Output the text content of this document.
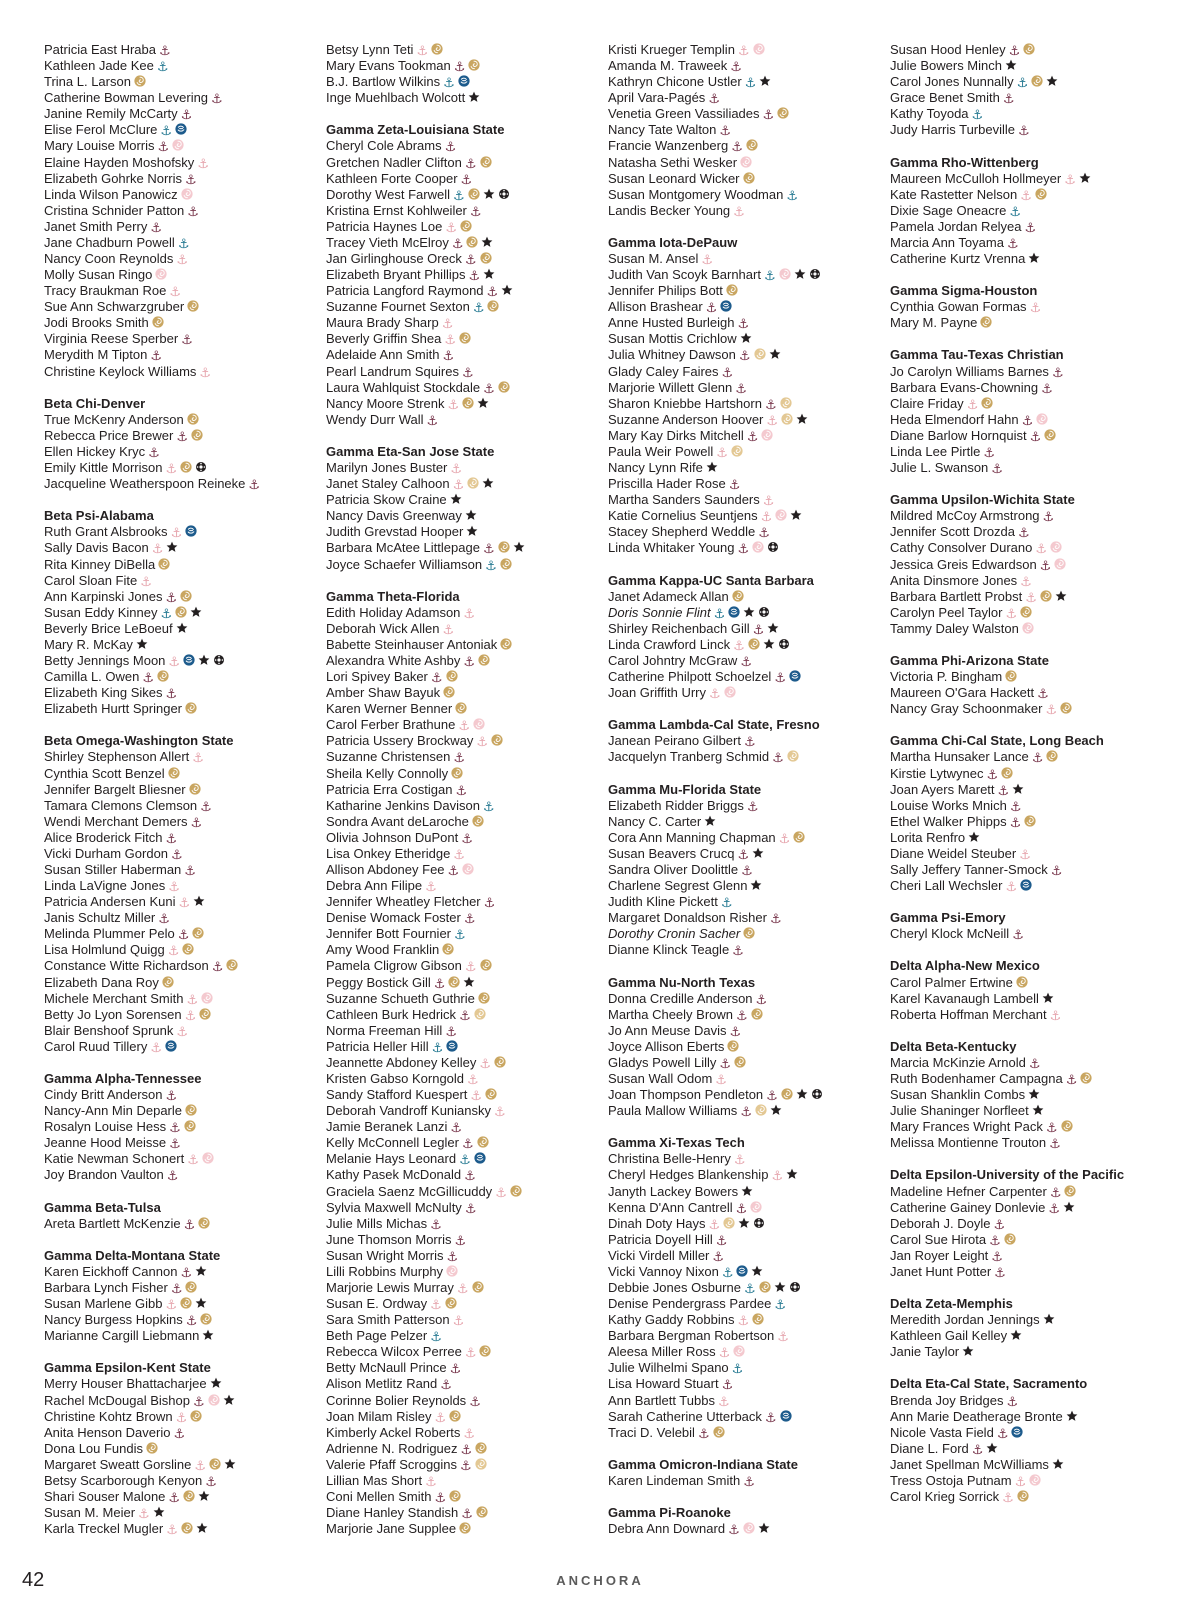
Patricia East Hraba ⚓
Kathleen Jade Kee ⚓
Trina L. Larson
Catherine Bowman Levering ⚓
Janine Remily McCarty ⚓
Elise Ferol McClure ⚓
Mary Louise Morris ⚓
Elaine Hayden Moshofsky ⚓
Elizabeth Gohrke Norris ⚓
Linda Wilson Panowicz
Cristina Schnider Patton ⚓
Janet Smith Perry ⚓
Jane Chadburn Powell ⚓
Nancy Coon Reynolds ⚓
Molly Susan Ringo
Tracy Braukman Roe ⚓
Sue Ann Schwarzgruber
Jodi Brooks Smith
Virginia Reese Sperber ⚓
Merydith M Tipton ⚓
Christine Keylock Williams ⚓
Beta Chi-Denver
True McKenry Anderson
Rebecca Price Brewer ⚓
Ellen Hickey Kryc ⚓
Emily Kittle Morrison ⚓
Jacqueline Weatherspoon Reineke ⚓
Beta Psi-Alabama
Ruth Grant Alsbrooks ⚓
Sally Davis Bacon ⚓
Rita Kinney DiBella
Carol Sloan Fite ⚓
Ann Karpinski Jones ⚓
Susan Eddy Kinney ⚓
Beverly Brice LeBoeuf
Mary R. McKay
Betty Jennings Moon ⚓
Camilla L. Owen ⚓
Elizabeth King Sikes ⚓
Elizabeth Hurtt Springer
Beta Omega-Washington State
Shirley Stephenson Allert ⚓
Cynthia Scott Benzel
Jennifer Bargelt Bliesner
Tamara Clemons Clemson ⚓
Wendi Merchant Demers ⚓
Alice Broderick Fitch ⚓
Vicki Durham Gordon ⚓
Susan Stiller Haberman ⚓
Linda LaVigne Jones ⚓
Patricia Andersen Kuni ⚓
Janis Schultz Miller ⚓
Melinda Plummer Pelo ⚓
Lisa Holmlund Quigg ⚓
Constance Witte Richardson ⚓
Elizabeth Dana Roy
Michele Merchant Smith ⚓
Betty Jo Lyon Sorensen ⚓
Blair Benshoof Sprunk ⚓
Carol Ruud Tillery ⚓
Gamma Alpha-Tennessee
Cindy Britt Anderson ⚓
Nancy-Ann Min Deparle
Rosalyn Louise Hess ⚓
Jeanne Hood Meisse ⚓
Katie Newman Schonert ⚓
Joy Brandon Vaulton ⚓
Gamma Beta-Tulsa
Areta Bartlett McKenzie ⚓
Gamma Delta-Montana State
Karen Eickhoff Cannon ⚓
Barbara Lynch Fisher ⚓
Susan Marlene Gibb ⚓
Nancy Burgess Hopkins ⚓
Marianne Cargill Liebmann
Gamma Epsilon-Kent State
Merry Houser Bhattacharjee
Rachel McDougal Bishop ⚓
Christine Kohtz Brown ⚓
Anita Henson Daverio ⚓
Dona Lou Fundis
Margaret Sweatt Gorsline ⚓
Betsy Scarborough Kenyon ⚓
Shari Souser Malone ⚓
Susan M. Meier ⚓
Karla Treckel Mugler ⚓
Betsy Lynn Teti ⚓
Mary Evans Tookman ⚓
B.J. Bartlow Wilkins ⚓
Inge Muehlbach Wolcott
Gamma Zeta-Louisiana State
Cheryl Cole Abrams ⚓
Gretchen Nadler Clifton ⚓
Kathleen Forte Cooper ⚓
Dorothy West Farwell ⚓
Kristina Ernst Kohlweiler ⚓
Patricia Haynes Loe ⚓
Tracey Vieth McElroy ⚓
Jan Girlinghouse Oreck ⚓
Elizabeth Bryant Phillips ⚓
Patricia Langford Raymond ⚓
Suzanne Fournet Sexton ⚓
Maura Brady Sharp ⚓
Beverly Griffin Shea ⚓
Adelaide Ann Smith ⚓
Pearl Landrum Squires ⚓
Laura Wahlquist Stockdale ⚓
Nancy Moore Strenk ⚓
Wendy Durr Wall ⚓
Gamma Eta-San Jose State
Marilyn Jones Buster ⚓
Janet Staley Calhoon ⚓
Patricia Skow Craine
Nancy Davis Greenway
Judith Grevstad Hooper
Barbara McAtee Littlepage ⚓
Joyce Schaefer Williamson ⚓
Gamma Theta-Florida
Edith Holiday Adamson ⚓
Deborah Wick Allen ⚓
Babette Steinhauser Antoniak
Alexandra White Ashby ⚓
Lori Spivey Baker ⚓
Amber Shaw Bayuk
Karen Werner Benner
Carol Ferber Brathune ⚓
Patricia Ussery Brockway ⚓
Suzanne Christensen ⚓
Sheila Kelly Connolly
Patricia Erra Costigan ⚓
Katharine Jenkins Davison ⚓
Sondra Avant deLaroche
Olivia Johnson DuPont ⚓
Lisa Onkey Etheridge ⚓
Allison Abdoney Fee ⚓
Debra Ann Filipe ⚓
Jennifer Wheatley Fletcher ⚓
Denise Womack Foster ⚓
Jennifer Bott Fournier ⚓
Amy Wood Franklin
Pamela Cligrow Gibson ⚓
Peggy Bostick Gill ⚓
Suzanne Schueth Guthrie
Cathleen Burk Hedrick ⚓
Norma Freeman Hill ⚓
Patricia Heller Hill ⚓
Jeannette Abdoney Kelley ⚓
Kristen Gabso Korngold ⚓
Sandy Stafford Kuespert ⚓
Deborah Vandroff Kuniansky ⚓
Jamie Beranek Lanzi ⚓
Kelly McConnell Legler ⚓
Melanie Hays Leonard ⚓
Kathy Pasek McDonald ⚓
Graciela Saenz McGillicuddy ⚓
Sylvia Maxwell McNulty ⚓
Julie Mills Michas ⚓
June Thomson Morris ⚓
Susan Wright Morris ⚓
Lilli Robbins Murphy
Marjorie Lewis Murray ⚓
Susan E. Ordway ⚓
Sara Smith Patterson ⚓
Beth Page Pelzer ⚓
Rebecca Wilcox Perree ⚓
Betty McNaull Prince ⚓
Alison Metlitz Rand ⚓
Corinne Bolier Reynolds ⚓
Joan Milam Risley ⚓
Kimberly Ackel Roberts ⚓
Adrienne N. Rodriguez ⚓
Valerie Pfaff Scroggins ⚓
Lillian Mas Short ⚓
Coni Mellen Smith ⚓
Diane Hanley Standish ⚓
Marjorie Jane Supplee
Kristi Krueger Templin ⚓
Amanda M. Traweek ⚓
Kathryn Chicone Ustler ⚓
April Vara-Pagés ⚓
Venetia Green Vassiliades ⚓
Nancy Tate Walton ⚓
Francie Wanzenberg ⚓
Natasha Sethi Wesker
Susan Leonard Wicker
Susan Montgomery Woodman ⚓
Landis Becker Young ⚓
Gamma Iota-DePauw
Susan M. Ansel ⚓
Judith Van Scoyk Barnhart ⚓
Jennifer Philips Bott
Allison Brashear ⚓
Anne Husted Burleigh ⚓
Susan Mottis Crichlow
Julia Whitney Dawson ⚓
Glady Caley Faires ⚓
Marjorie Willett Glenn ⚓
Sharon Kniebbe Hartshorn ⚓
Suzanne Anderson Hoover ⚓
Mary Kay Dirks Mitchell ⚓
Paula Weir Powell ⚓
Nancy Lynn Rife
Priscilla Hader Rose ⚓
Martha Sanders Saunders ⚓
Katie Cornelius Seuntjens ⚓
Stacey Shepherd Weddle ⚓
Linda Whitaker Young ⚓
Gamma Kappa-UC Santa Barbara
Janet Adameck Allan
Doris Sonnie Flint ⚓
Shirley Reichenbach Gill ⚓
Linda Crawford Linck ⚓
Carol Johntry McGraw ⚓
Catherine Philpott Schoelzel ⚓
Joan Griffith Urry ⚓
Gamma Lambda-Cal State, Fresno
Janean Peirano Gilbert ⚓
Jacquelyn Tranberg Schmid ⚓
Gamma Mu-Florida State
Elizabeth Ridder Briggs ⚓
Nancy C. Carter
Cora Ann Manning Chapman ⚓
Susan Beavers Crucq ⚓
Sandra Oliver Doolittle ⚓
Charlene Segrest Glenn
Judith Kline Pickett ⚓
Margaret Donaldson Risher ⚓
Dorothy Cronin Sacher
Dianne Klinck Teagle ⚓
Gamma Nu-North Texas
Donna Credille Anderson ⚓
Martha Cheely Brown ⚓
Jo Ann Meuse Davis ⚓
Joyce Allison Eberts
Gladys Powell Lilly ⚓
Susan Wall Odom ⚓
Joan Thompson Pendleton ⚓
Paula Mallow Williams ⚓
Gamma Xi-Texas Tech
Christina Belle-Henry ⚓
Cheryl Hedges Blankenship ⚓
Janyth Lackey Bowers
Kenna D'Ann Cantrell ⚓
Dinah Doty Hays ⚓
Patricia Doyell Hill ⚓
Vicki Virdell Miller ⚓
Vicki Vannoy Nixon ⚓
Debbie Jones Osburne ⚓
Denise Pendergrass Pardee ⚓
Kathy Gaddy Robbins ⚓
Barbara Bergman Robertson ⚓
Aleesa Miller Ross ⚓
Julie Wilhelmi Spano ⚓
Lisa Howard Stuart ⚓
Ann Bartlett Tubbs ⚓
Sarah Catherine Utterback ⚓
Traci D. Velebil ⚓
Gamma Omicron-Indiana State
Karen Lindeman Smith ⚓
Gamma Pi-Roanoke
Debra Ann Downard ⚓
Susan Hood Henley ⚓
Julie Bowers Minch
Carol Jones Nunnally ⚓
Grace Benet Smith ⚓
Kathy Toyoda ⚓
Judy Harris Turbeville ⚓
Gamma Rho-Wittenberg
Maureen McCulloh Hollmeyer ⚓
Kate Rastetter Nelson ⚓
Dixie Sage Oneacre ⚓
Pamela Jordan Relyea ⚓
Marcia Ann Toyama ⚓
Catherine Kurtz Vrenna
Gamma Sigma-Houston
Cynthia Gowan Formas ⚓
Mary M. Payne
Gamma Tau-Texas Christian
Jo Carolyn Williams Barnes ⚓
Barbara Evans-Chowning ⚓
Claire Friday ⚓
Heda Elmendorf Hahn ⚓
Diane Barlow Hornquist ⚓
Linda Lee Pirtle ⚓
Julie L. Swanson ⚓
Gamma Upsilon-Wichita State
Mildred McCoy Armstrong ⚓
Jennifer Scott Drozda ⚓
Cathy Consolver Durano ⚓
Jessica Greis Edwardson ⚓
Anita Dinsmore Jones ⚓
Barbara Bartlett Probst ⚓
Carolyn Peel Taylor ⚓
Tammy Daley Walston
Gamma Phi-Arizona State
Victoria P. Bingham
Maureen O'Gara Hackett ⚓
Nancy Gray Schoonmaker ⚓
Gamma Chi-Cal State, Long Beach
Martha Hunsaker Lance ⚓
Kirstie Lytwynec ⚓
Joan Ayers Marett ⚓
Louise Works Mnich ⚓
Ethel Walker Phipps ⚓
Lorita Renfro
Diane Weidel Steuber ⚓
Sally Jeffery Tanner-Smock ⚓
Cheri Lall Wechsler ⚓
Gamma Psi-Emory
Cheryl Klock McNeill ⚓
Delta Alpha-New Mexico
Carol Palmer Ertwine
Karel Kavanaugh Lambell
Roberta Hoffman Merchant ⚓
Delta Beta-Kentucky
Marcia McKinzie Arnold ⚓
Ruth Bodenhamer Campagna ⚓
Susan Shanklin Combs
Julie Shaninger Norfleet
Mary Frances Wright Pack ⚓
Melissa Montienne Trouton ⚓
Delta Epsilon-University of the Pacific
Madeline Hefner Carpenter ⚓
Catherine Gainey Donlevie ⚓
Deborah J. Doyle ⚓
Carol Sue Hirota ⚓
Jan Royer Leight ⚓
Janet Hunt Potter ⚓
Delta Zeta-Memphis
Meredith Jordan Jennings
Kathleen Gail Kelley
Janie Taylor
Delta Eta-Cal State, Sacramento
Brenda Joy Bridges ⚓
Ann Marie Deatherage Bronte
Nicole Vasta Field ⚓
Diane L. Ford ⚓
Janet Spellman McWilliams
Tress Ostoja Putnam ⚓
Carol Krieg Sorrick ⚓
42	ANCHORA
